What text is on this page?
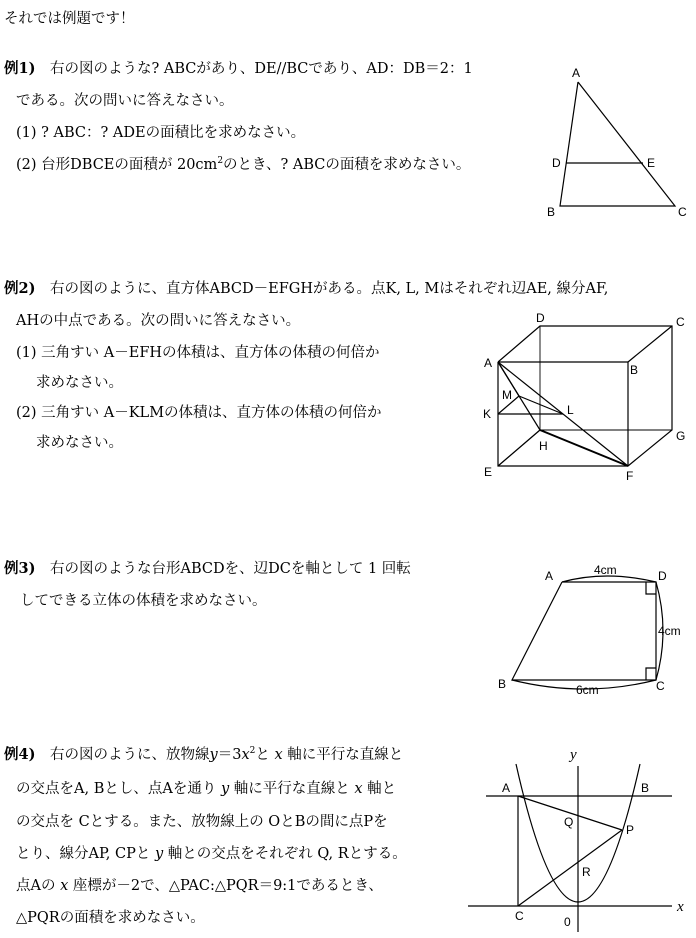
それでは例題です！
例1) 右の図のような? ABCがあり、DE//BCであり、AD：DB＝2：1
である。次の問いに答えなさい。
(1) ? ABC：? ADEの面積比を求めなさい。
(2) 台形DBCEの面積が $20cm^2$のとき、? ABCの面積を求めなさい。
例2) 右の図のように、直方体ABCD－EFGHがある。点K, L, Mはそれぞれ辺AE, 線分AF,
AHの中点である。次の問いに答えなさい。
(1) 三角すい A－EFHの体積は、直方体の体積の何倍か
求めなさい。
(2) 三角すい A－KLMの体積は、直方体の体積の何倍か
求めなさい。
例3) 右の図のような台形ABCDを、辺DCを軸として 1 回転
してできる立体の体積を求めなさい。
例4) 右の図のように、放物線$y=3x^2$と x 軸に平行な直線と
の交点をA, Bとし、点Aを通り y 軸に平行な直線と x 軸と
の交点を Cとする。また、放物線上の OとBの間に点Pを
とり、線分AP, CPと y 軸との交点をそれぞれ Q, Rとする。
点Aの x 座標が－2で、△PAC:△PQR＝9:1であるとき、
△PQRの面積を求めなさい。
A
D	E
B	C
D	C
A	B
M
L
K
G
H
E	F
A	D
4cm
4cm
B	C
6cm
y
A	B
Q
P
R
C	0
x
